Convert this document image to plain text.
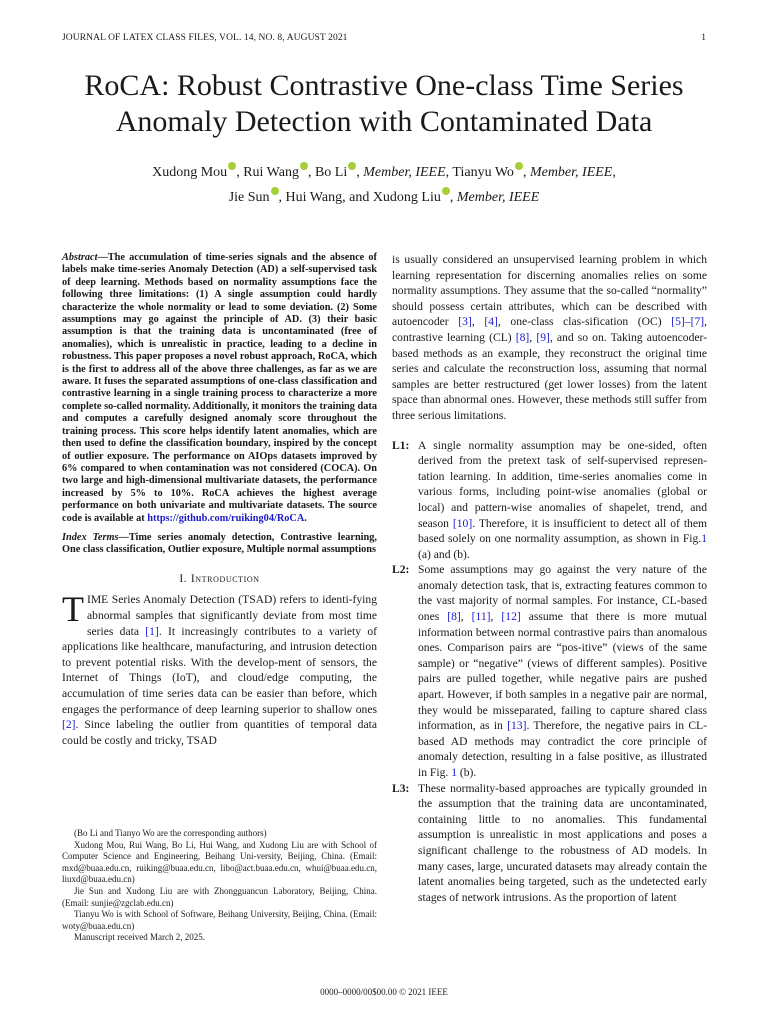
JOURNAL OF LATEX CLASS FILES, VOL. 14, NO. 8, AUGUST 2021	1
RoCA: Robust Contrastive One-class Time Series
Anomaly Detection with Contaminated Data
Xudong Mou , Rui Wang , Bo Li , Member, IEEE, Tianyu Wo , Member, IEEE,
Jie Sun , Hui Wang, and Xudong Liu , Member, IEEE
Abstract—The accumulation of time-series signals and the absence of labels make time-series Anomaly Detection (AD) a self-supervised task of deep learning. Methods based on normality assumptions face the following three limitations: (1) A single assumption could hardly characterize the whole normality or lead to some deviation. (2) Some assumptions may go against the principle of AD. (3) their basic assumption is that the training data is uncontaminated (free of anomalies), which is unrealistic in practice, leading to a decline in robustness. This paper proposes a novel robust approach, RoCA, which is the first to address all of the above three challenges, as far as we are aware. It fuses the separated assumptions of one-class classification and contrastive learning in a single training process to characterize a more complete so-called normality. Additionally, it monitors the training data and computes a carefully designed anomaly score throughout the training process. This score helps identify latent anomalies, which are then used to define the classification boundary, inspired by the concept of outlier exposure. The performance on AIOps datasets improved by 6% compared to when contamination was not considered (COCA). On two large and high-dimensional multivariate datasets, the performance increased by 5% to 10%. RoCA achieves the highest average performance on both univariate and multivariate datasets. The source code is available at https://github.com/ruiking04/RoCA.
Index Terms—Time series anomaly detection, Contrastive learning, One class classification, Outlier exposure, Multiple normal assumptions
I. Introduction

TIME Series Anomaly Detection (TSAD) refers to identi-fying abnormal samples that significantly deviate from most time series data [1]. It increasingly contributes to a variety of applications like healthcare, manufacturing, and intrusion detection to prevent potential risks. With the develop-ment of sensors, the Internet of Things (IoT), and cloud/edge computing, the accumulation of time series data can be easier than before, which engages the performance of deep learning superior to shallow ones [2]. Since labeling the outlier from quantities of temporal data could be costly and tricky, TSAD

(Bo Li and Tianyo Wo are the corresponding authors)

Xudong Mou, Rui Wang, Bo Li, Hui Wang, and Xudong Liu are with School of Computer Science and Engineering, Beihang Uni-versity, Beijing, China. (Email: mxd@buaa.edu.cn, ruiking@buaa.edu.cn, libo@act.buaa.edu.cn, whui@buaa.edu.cn, liuxd@buaa.edu.cn)

Jie Sun and Xudong Liu are with Zhongguancun Laboratory, Beijing, China. (Email: sunjie@zgclab.edu.cn)

Tianyu Wo is with School of Software, Beihang University, Beijing, China. (Email: woty@buaa.edu.cn)

Manuscript received March 2, 2025.

is usually considered an unsupervised learning problem in which learning representation for discerning anomalies relies on some normality assumptions. They assume that the so-called “normality” should possess certain attributes, which can be described with autoencoder [3], [4], one-class clas-sification (OC) [5]–[7], contrastive learning (CL) [8], [9], and so on. Taking autoencoder-based methods as an example, they reconstruct the original time series and calculate the reconstruction loss, assuming that normal samples are better restructured (get lower losses) from the latent space than abnormal ones. However, these methods still suffer from three serious limitations.

L1: A single normality assumption may be one-sided, often derived from the pretext task of self-supervised represen-tation learning. In addition, time-series anomalies come in various forms, including point-wise anomalies (global or local) and pattern-wise anomalies of shapelet, trend, and season [10]. Therefore, it is insufficient to detect all of them based solely on one normality assumption, as shown in Fig.1 (a) and (b).
L2: Some assumptions may go against the very nature of the anomaly detection task, that is, extracting features common to the vast majority of normal samples. For instance, CL-based ones [8], [11], [12] assume that there is more mutual information between normal contrastive pairs than anomalous ones. Comparison pairs are “pos-itive” (views of the same sample) or “negative” (views of different samples). Positive pairs are pulled together, while negative pairs are pushed apart. However, if both samples in a negative pair are normal, they would be misseparated, failing to capture shared class information, as in [13]. Therefore, the negative pairs in CL-based AD methods may contradict the core principle of anomaly detection, resulting in a false positive, as illustrated in Fig. 1 (b).
L3: These normality-based approaches are typically grounded in the assumption that the training data are uncontaminated, containing little to no anomalies. This fundamental assumption is unrealistic in most applications and poses a significant challenge to the robustness of AD models. In many cases, large, uncurated datasets may already contain the latent anomalies being targeted, such as the undetected early stages of network intrusions. As the proportion of latent
0000–0000/00$00.00 © 2021 IEEE
